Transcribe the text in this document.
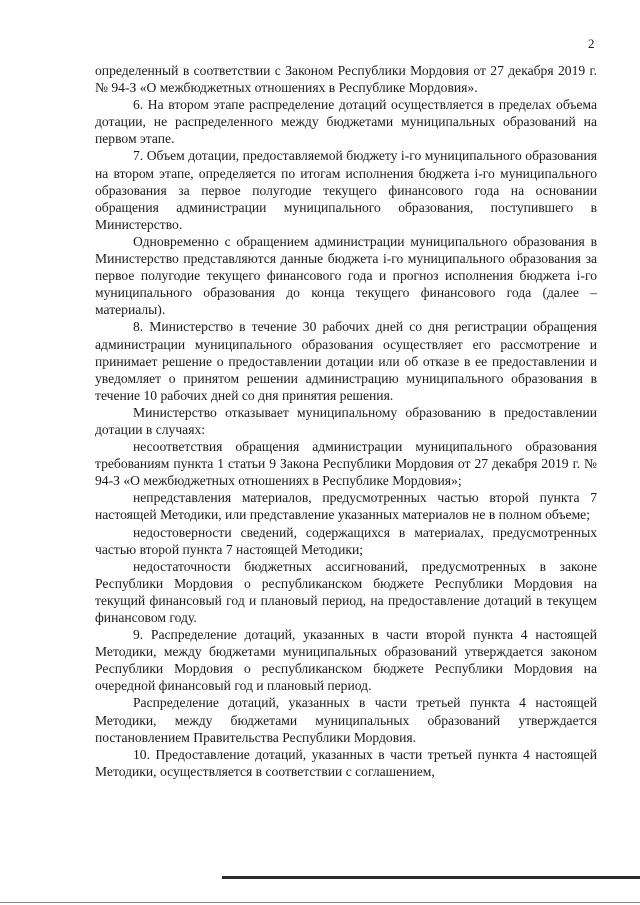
2

определенный в соответствии с Законом Республики Мордовия от 27 декабря 2019 г. № 94-З «О межбюджетных отношениях в Республике Мордовия».

6. На втором этапе распределение дотаций осуществляется в пределах объема дотации, не распределенного между бюджетами муниципальных образований на первом этапе.

7. Объем дотации, предоставляемой бюджету i-го муниципального образования на втором этапе, определяется по итогам исполнения бюджета i-го муниципального образования за первое полугодие текущего финансового года на основании обращения администрации муниципального образования, поступившего в Министерство.

Одновременно с обращением администрации муниципального образования в Министерство представляются данные бюджета i-го муниципального образования за первое полугодие текущего финансового года и прогноз исполнения бюджета i-го муниципального образования до конца текущего финансового года (далее – материалы).

8. Министерство в течение 30 рабочих дней со дня регистрации обращения администрации муниципального образования осуществляет его рассмотрение и принимает решение о предоставлении дотации или об отказе в ее предоставлении и уведомляет о принятом решении администрацию муниципального образования в течение 10 рабочих дней со дня принятия решения.

Министерство отказывает муниципальному образованию в предоставлении дотации в случаях:

несоответствия обращения администрации муниципального образования требованиям пункта 1 статьи 9 Закона Республики Мордовия от 27 декабря 2019 г. № 94-З «О межбюджетных отношениях в Республике Мордовия»;

непредставления материалов, предусмотренных частью второй пункта 7 настоящей Методики, или представление указанных материалов не в полном объеме;

недостоверности сведений, содержащихся в материалах, предусмотренных частью второй пункта 7 настоящей Методики;

недостаточности бюджетных ассигнований, предусмотренных в законе Республики Мордовия о республиканском бюджете Республики Мордовия на текущий финансовый год и плановый период, на предоставление дотаций в текущем финансовом году.

9. Распределение дотаций, указанных в части второй пункта 4 настоящей Методики, между бюджетами муниципальных образований утверждается законом Республики Мордовия о республиканском бюджете Республики Мордовия на очередной финансовый год и плановый период.

Распределение дотаций, указанных в части третьей пункта 4 настоящей Методики, между бюджетами муниципальных образований утверждается постановлением Правительства Республики Мордовия.

10. Предоставление дотаций, указанных в части третьей пункта 4 настоящей Методики, осуществляется в соответствии с соглашением,
